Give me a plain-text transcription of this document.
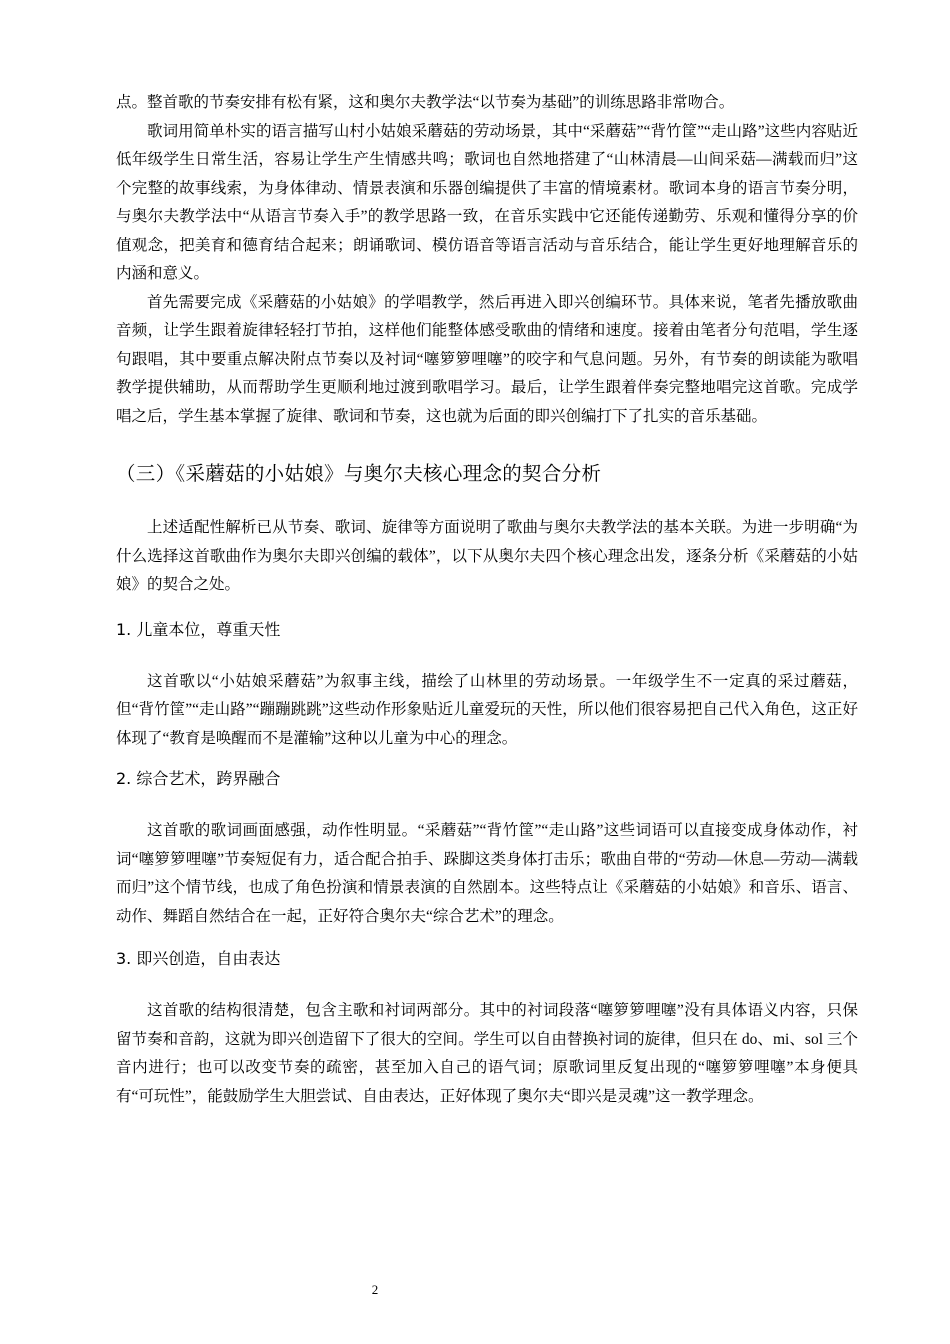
点。整首歌的节奏安排有松有紧，这和奥尔夫教学法“以节奏为基础”的训练思路非常吻合。

歌词用简单朴实的语言描写山村小姑娘采蘑菇的劳动场景，其中“采蘑菇”“背竹筐”“走山路”这些内容贴近低年级学生日常生活，容易让学生产生情感共鸣；歌词也自然地搭建了“山林清晨—山间采菇—满载而归”这个完整的故事线索，为身体律动、情景表演和乐器创编提供了丰富的情境素材。歌词本身的语言节奏分明，与奥尔夫教学法中“从语言节奏入手”的教学思路一致，在音乐实践中它还能传递勤劳、乐观和懂得分享的价值观念，把美育和德育结合起来；朗诵歌词、模仿语音等语言活动与音乐结合，能让学生更好地理解音乐的内涵和意义。

首先需要完成《采蘑菇的小姑娘》的学唱教学，然后再进入即兴创编环节。具体来说，笔者先播放歌曲音频，让学生跟着旋律轻轻打节拍，这样他们能整体感受歌曲的情绪和速度。接着由笔者分句范唱，学生逐句跟唱，其中要重点解决附点节奏以及衬词“噻箩箩哩噻”的咬字和气息问题。另外，有节奏的朗读能为歌唱教学提供辅助，从而帮助学生更顺利地过渡到歌唱学习。最后，让学生跟着伴奏完整地唱完这首歌。完成学唱之后，学生基本掌握了旋律、歌词和节奏，这也就为后面的即兴创编打下了扎实的音乐基础。

（三）《采蘑菇的小姑娘》与奥尔夫核心理念的契合分析

上述适配性解析已从节奏、歌词、旋律等方面说明了歌曲与奥尔夫教学法的基本关联。为进一步明确“为什么选择这首歌曲作为奥尔夫即兴创编的载体”，以下从奥尔夫四个核心理念出发，逐条分析《采蘑菇的小姑娘》的契合之处。

1. 儿童本位，尊重天性

这首歌以“小姑娘采蘑菇”为叙事主线，描绘了山林里的劳动场景。一年级学生不一定真的采过蘑菇，但“背竹筐”“走山路”“蹦蹦跳跳”这些动作形象贴近儿童爱玩的天性，所以他们很容易把自己代入角色，这正好体现了“教育是唤醒而不是灌输”这种以儿童为中心的理念。

2. 综合艺术，跨界融合

这首歌的歌词画面感强，动作性明显。“采蘑菇”“背竹筐”“走山路”这些词语可以直接变成身体动作，衬词“噻箩箩哩噻”节奏短促有力，适合配合拍手、跺脚这类身体打击乐；歌曲自带的“劳动—休息—劳动—满载而归”这个情节线，也成了角色扮演和情景表演的自然剧本。这些特点让《采蘑菇的小姑娘》和音乐、语言、动作、舞蹈自然结合在一起，正好符合奥尔夫“综合艺术”的理念。

3. 即兴创造，自由表达

这首歌的结构很清楚，包含主歌和衬词两部分。其中的衬词段落“噻箩箩哩噻”没有具体语义内容，只保留节奏和音韵，这就为即兴创造留下了很大的空间。学生可以自由替换衬词的旋律，但只在 do、mi、sol 三个音内进行；也可以改变节奏的疏密，甚至加入自己的语气词；原歌词里反复出现的“噻箩箩哩噻”本身便具有“可玩性”，能鼓励学生大胆尝试、自由表达，正好体现了奥尔夫“即兴是灵魂”这一教学理念。

2
